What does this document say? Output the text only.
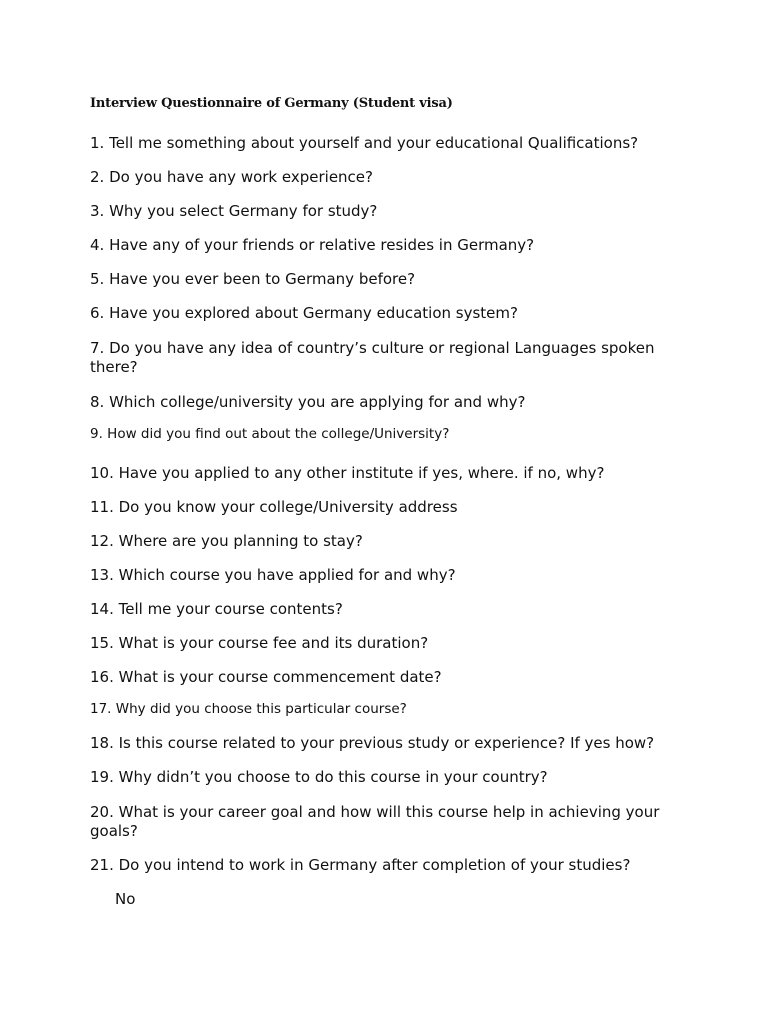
Interview Questionnaire of Germany (Student visa)
1. Tell me something about yourself and your educational Qualifications?
2. Do you have any work experience?
3. Why you select Germany for study?
4. Have any of your friends or relative resides in Germany?
5. Have you ever been to Germany before?
6. Have you explored about Germany education system?
7. Do you have any idea of country’s culture or regional Languages spoken there?
8. Which college/university you are applying for and why?
9. How did you find out about the college/University?
10. Have you applied to any other institute if yes, where. if no, why?
11. Do you know your college/University address
12. Where are you planning to stay?
13. Which course you have applied for and why?
14. Tell me your course contents?
15. What is your course fee and its duration?
16. What is your course commencement date?
17. Why did you choose this particular course?
18. Is this course related to your previous study or experience? If yes how?
19. Why didn’t you choose to do this course in your country?
20. What is your career goal and how will this course help in achieving your goals?
21. Do you intend to work in Germany after completion of your studies?
No
